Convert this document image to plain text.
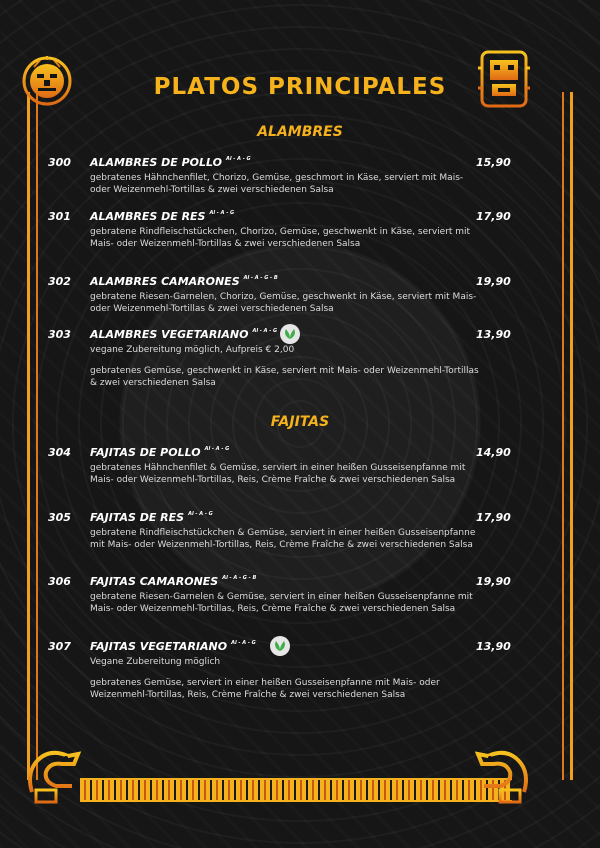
PLATOS PRINCIPALES
ALAMBRES
300 ALAMBRES DE POLLO $^{Al - A - G}$	15,90
gebratenes Hähnchenfilet, Chorizo, Gemüse, geschmort in Käse, serviert mit Mais- oder Weizenmehl-Tortillas & zwei verschiedenen Salsa
301 ALAMBRES DE RES $^{Al - A - G}$	17,90
gebratene Rindfleischstückchen, Chorizo, Gemüse, geschwenkt in Käse, serviert mit Mais- oder Weizenmehl-Tortillas & zwei verschiedenen Salsa
302 ALAMBRES CAMARONES $^{Al - A - G - B}$	19,90
gebratene Riesen-Garnelen, Chorizo, Gemüse, geschwenkt in Käse, serviert mit Mais- oder Weizenmehl-Tortillas & zwei verschiedenen Salsa
303 ALAMBRES VEGETARIANO $^{Al - A - G}$	13,90
vegane Zubereitung möglich, Aufpreis € 2,00
gebratenes Gemüse, geschwenkt in Käse, serviert mit Mais- oder Weizenmehl-Tortillas & zwei verschiedenen Salsa
FAJITAS
304 FAJITAS DE POLLO $^{Al - A - G}$	14,90
gebratenes Hähnchenfilet & Gemüse, serviert in einer heißen Gusseisenpfanne mit Mais- oder Weizenmehl-Tortillas, Reis, Crème Fraîche & zwei verschiedenen Salsa
305 FAJITAS DE RES $^{Al - A - G}$	17,90
gebratene Rindfleischstückchen & Gemüse, serviert in einer heißen Gusseisenpfanne mit Mais- oder Weizenmehl-Tortillas, Reis, Crème Fraîche & zwei verschiedenen Salsa
306 FAJITAS CAMARONES $^{Al - A - G - B}$	19,90
gebratene Riesen-Garnelen & Gemüse, serviert in einer heißen Gusseisenpfanne mit Mais- oder Weizenmehl-Tortillas, Reis, Crème Fraîche & zwei verschiedenen Salsa
307 FAJITAS VEGETARIANO $^{Al - A - G}$	13,90
Vegane Zubereitung möglich
gebratenes Gemüse, serviert in einer heißen Gusseisenpfanne mit Mais- oder Weizenmehl-Tortillas, Reis, Crème Fraîche & zwei verschiedenen Salsa
